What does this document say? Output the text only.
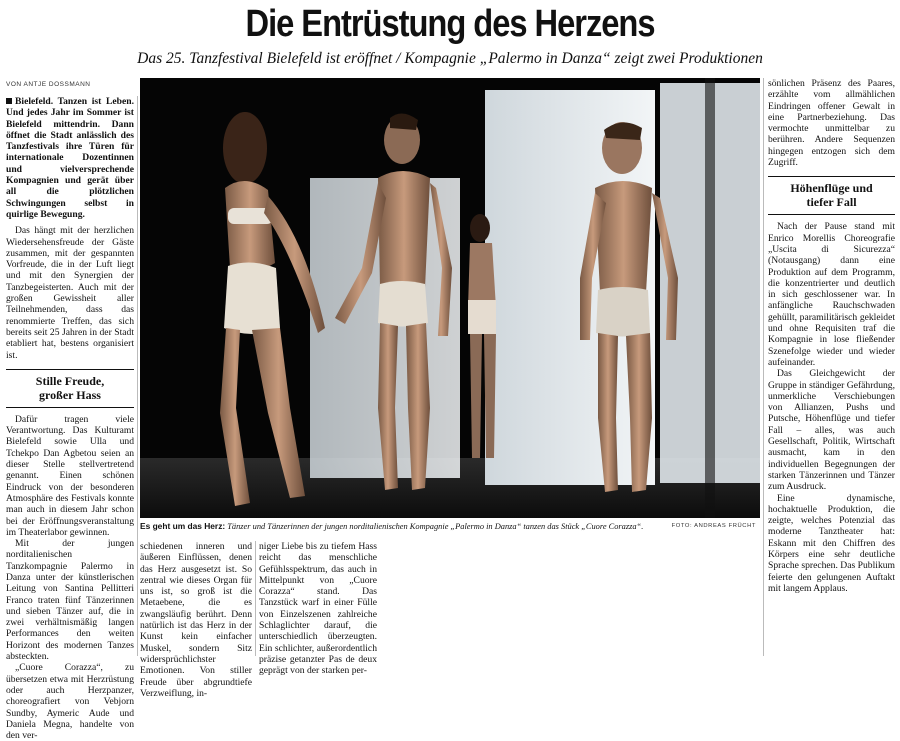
Die Entrüstung des Herzens
Das 25. Tanzfestival Bielefeld ist eröffnet / Kompagnie „Palermo in Danza“ zeigt zwei Produktionen
VON ANTJE DOSSMANN

Bielefeld. Tanzen ist Leben. Und jedes Jahr im Sommer ist Bielefeld mittendrin. Dann öffnet die Stadt anlässlich des Tanzfestivals ihre Türen für internationale Dozentinnen und vielversprechende Kompagnien und gerät über all die plötzlichen Schwingungen selbst in quirlige Bewegung.

Das hängt mit der herzlichen Wiedersehensfreude der Gäste zusammen, mit der gespannten Vorfreude, die in der Luft liegt und mit den Synergien der Tanzbegeisterten. Auch mit der großen Gewissheit aller Teilnehmenden, dass das renommierte Treffen, das sich bereits seit 25 Jahren in der Stadt etabliert hat, bestens organisiert ist.

Stille Freude,
großer Hass

Dafür tragen viele Verantwortung. Das Kulturamt Bielefeld sowie Ulla und Tchekpo Dan Agbetou seien an dieser Stelle stellvertretend genannt. Einen schönen Eindruck von der besonderen Atmosphäre des Festivals konnte man auch in diesem Jahr schon bei der Eröffnungsveranstaltung im Theaterlabor gewinnen.

Mit der jungen norditalienischen Tanzkompagnie Palermo in Danza unter der künstlerischen Leitung von Santina Pellitteri Franco traten fünf Tänzerinnen und sieben Tänzer auf, die in zwei verhältnismäßig langen Performances den weiten Horizont des modernen Tanzes absteckten.

„Cuore Corazza“, zu übersetzen etwa mit Herzrüstung oder auch Herzpanzer, choreografiert von Vebjorn Sundby, Aymeric Aude und Daniela Megna, handelte von den ver-

Es geht um das Herz: Tänzer und Tänzerinnen der jungen norditalienischen Kompagnie „Palermo in Danza“ tanzen das Stück „Cuore Corazza“.	FOTO: ANDREAS FRÜCHT

schiedenen inneren und äußeren Einflüssen, denen das Herz ausgesetzt ist. So zentral wie dieses Organ für uns ist, so groß ist die Metaebene, die es zwangsläufig berührt. Denn natürlich ist das Herz in der Kunst kein einfacher Muskel, sondern Sitz widersprüchlichster Emotionen. Von stiller Freude über abgrundtiefe Verzweiflung, in-

niger Liebe bis zu tiefem Hass reicht das menschliche Gefühlsspektrum, das auch in Mittelpunkt von „Cuore Corazza“ stand. Das Tanzstück warf in einer Fülle von Einzelszenen zahlreiche Schlaglichter darauf, die unterschiedlich überzeugten. Ein schlichter, außerordentlich präzise getanzter Pas de deux geprägt von der starken per-

sönlichen Präsenz des Paares, erzählte vom allmählichen Eindringen offener Gewalt in eine Partnerbeziehung. Das vermochte unmittelbar zu berühren. Andere Sequenzen hingegen entzogen sich dem Zugriff.

Höhenflüge und
tiefer Fall

Nach der Pause stand mit Enrico Morellis Choreografie „Uscita di Sicurezza“ (Notausgang) dann eine Produktion auf dem Programm, die konzentrierter und deutlich in sich geschlossener war. In anfängliche Rauchschwaden gehüllt, paramilitärisch gekleidet und ohne Requisiten traf die Kompagnie in lose fließender Szenefolge wieder und wieder aufeinander.

Das Gleichgewicht der Gruppe in ständiger Gefährdung, unmerkliche Verschiebungen von Allianzen, Pushs und Putsche, Höhenflüge und tiefer Fall – alles, was auch Gesellschaft, Politik, Wirtschaft ausmacht, kam in den individuellen Begegnungen der starken Tänzerinnen und Tänzer zum Ausdruck.

Eine dynamische, hochaktuelle Produktion, die zeigte, welches Potenzial das moderne Tanztheater hat: Eskann mit den Chiffren des Körpers eine sehr deutliche Sprache sprechen. Das Publikum feierte den gelungenen Auftakt mit langem Applaus.
